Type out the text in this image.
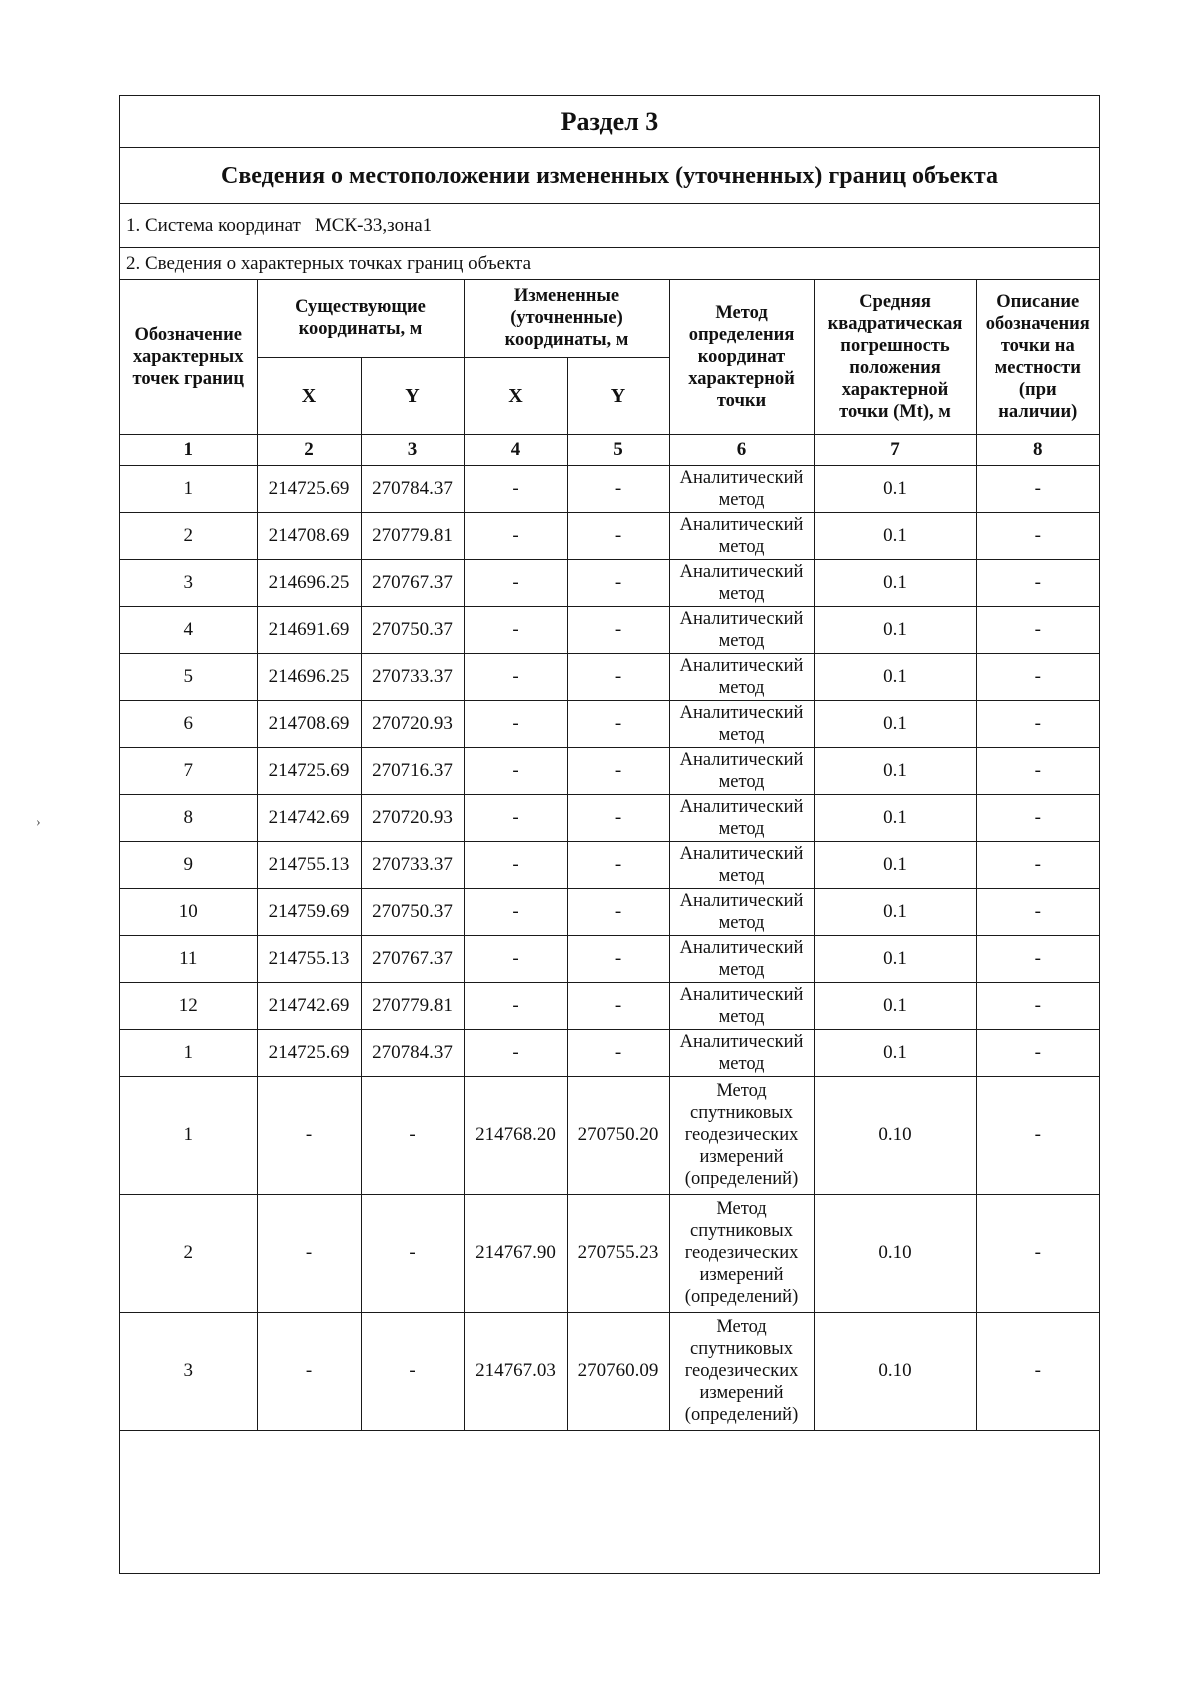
Раздел 3
Сведения о местоположении измененных (уточненных) границ объекта
1. Система координат МСК-33,зона1
2. Сведения о характерных точках границ объекта
Обозначение характерных точек границ	Существующие координаты, м		Измененные (уточненные) координаты, м		Метод определения координат характерной точки	Средняя квадратическая погрешность положения характерной точки (Mt), м	Описание обозначения точки на местности (при наличии)
	X	Y	X	Y			
1	2	3	4	5	6	7	8
1	214725.69	270784.37	-	-	Аналитический метод	0.1	-
2	214708.69	270779.81	-	-	Аналитический метод	0.1	-
3	214696.25	270767.37	-	-	Аналитический метод	0.1	-
4	214691.69	270750.37	-	-	Аналитический метод	0.1	-
5	214696.25	270733.37	-	-	Аналитический метод	0.1	-
6	214708.69	270720.93	-	-	Аналитический метод	0.1	-
7	214725.69	270716.37	-	-	Аналитический метод	0.1	-
8	214742.69	270720.93	-	-	Аналитический метод	0.1	-
9	214755.13	270733.37	-	-	Аналитический метод	0.1	-
10	214759.69	270750.37	-	-	Аналитический метод	0.1	-
11	214755.13	270767.37	-	-	Аналитический метод	0.1	-
12	214742.69	270779.81	-	-	Аналитический метод	0.1	-
1	214725.69	270784.37	-	-	Аналитический метод	0.1	-
1	-	-	214768.20	270750.20	Метод спутниковых геодезических измерений (определений)	0.10	-
2	-	-	214767.90	270755.23	Метод спутниковых геодезических измерений (определений)	0.10	-
3	-	-	214767.03	270760.09	Метод спутниковых геодезических измерений (определений)	0.10	-
›
